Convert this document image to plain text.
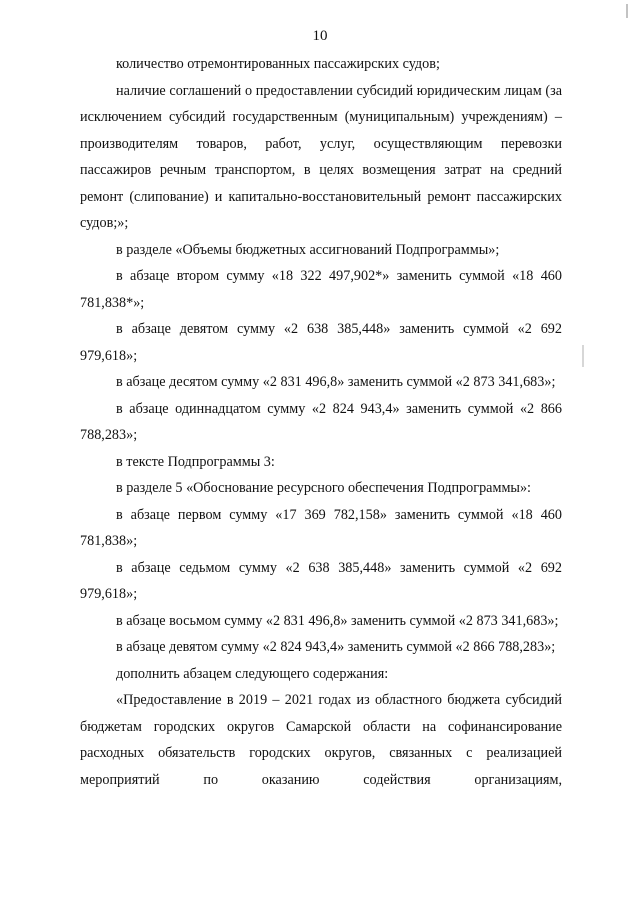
10

количество отремонтированных пассажирских судов;

наличие соглашений о предоставлении субсидий юридическим лицам (за исключением субсидий государственным (муниципальным) учреждениям) – производителям товаров, работ, услуг, осуществляющим перевозки пассажиров речным транспортом, в целях возмещения затрат на средний ремонт (слипование) и капитально-восстановительный ремонт пассажирских судов;»;

в разделе «Объемы бюджетных ассигнований Подпрограммы»;

в абзаце втором сумму «18 322 497,902*» заменить суммой «18 460 781,838*»;

в абзаце девятом сумму «2 638 385,448» заменить суммой «2 692 979,618»;

в абзаце десятом сумму «2 831 496,8» заменить суммой «2 873 341,683»;

в абзаце одиннадцатом сумму «2 824 943,4» заменить суммой «2 866 788,283»;

в тексте Подпрограммы 3:

в разделе 5 «Обоснование ресурсного обеспечения Подпрограммы»:

в абзаце первом сумму «17 369 782,158» заменить суммой «18 460 781,838»;

в абзаце седьмом сумму «2 638 385,448» заменить суммой «2 692 979,618»;

в абзаце восьмом сумму «2 831 496,8» заменить суммой «2 873 341,683»;

в абзаце девятом сумму «2 824 943,4» заменить суммой «2 866 788,283»;

дополнить абзацем следующего содержания:

«Предоставление в 2019 – 2021 годах из областного бюджета субсидий бюджетам городских округов Самарской области на софинансирование расходных обязательств городских округов, связанных с реализацией мероприятий по оказанию содействия организациям,
